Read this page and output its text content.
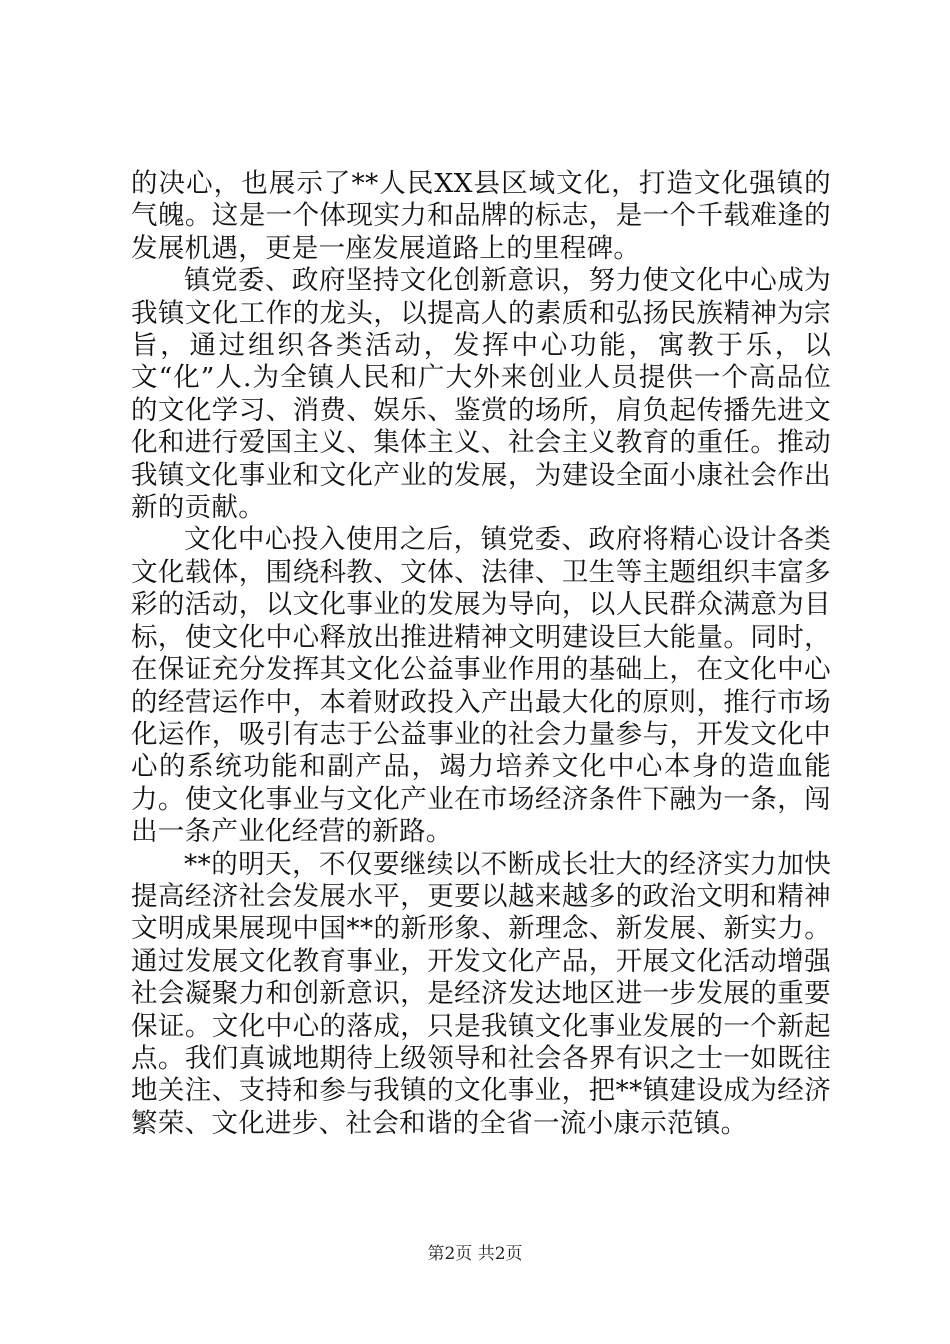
的决心，也展示了**人民XX县区域文化，打造文化强镇的气魄。这是一个体现实力和品牌的标志，是一个千载难逢的发展机遇，更是一座发展道路上的里程碑。

镇党委、政府坚持文化创新意识，努力使文化中心成为我镇文化工作的龙头，以提高人的素质和弘扬民族精神为宗旨，通过组织各类活动，发挥中心功能，寓教于乐，以文“化”人.为全镇人民和广大外来创业人员提供一个高品位的文化学习、消费、娱乐、鉴赏的场所，肩负起传播先进文化和进行爱国主义、集体主义、社会主义教育的重任。推动我镇文化事业和文化产业的发展，为建设全面小康社会作出新的贡献。

文化中心投入使用之后，镇党委、政府将精心设计各类文化载体，围绕科教、文体、法律、卫生等主题组织丰富多彩的活动，以文化事业的发展为导向，以人民群众满意为目标，使文化中心释放出推进精神文明建设巨大能量。同时，在保证充分发挥其文化公益事业作用的基础上，在文化中心的经营运作中，本着财政投入产出最大化的原则，推行市场化运作，吸引有志于公益事业的社会力量参与，开发文化中心的系统功能和副产品，竭力培养文化中心本身的造血能力。使文化事业与文化产业在市场经济条件下融为一条，闯出一条产业化经营的新路。

**的明天，不仅要继续以不断成长壮大的经济实力加快提高经济社会发展水平，更要以越来越多的政治文明和精神文明成果展现中国**的新形象、新理念、新发展、新实力。通过发展文化教育事业，开发文化产品，开展文化活动增强社会凝聚力和创新意识，是经济发达地区进一步发展的重要保证。文化中心的落成，只是我镇文化事业发展的一个新起点。我们真诚地期待上级领导和社会各界有识之士一如既往地关注、支持和参与我镇的文化事业，把**镇建设成为经济繁荣、文化进步、社会和谐的全省一流小康示范镇。

第2页 共2页
